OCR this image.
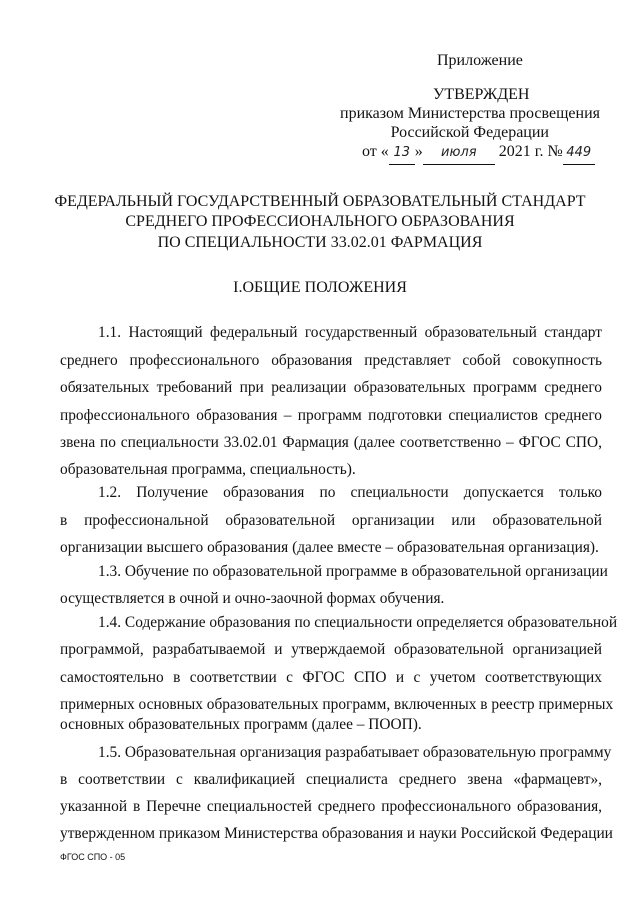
Приложение
УТВЕРЖДЕН
приказом Министерства просвещения
Российской Федерации
от « 13 » июля 2021 г. № 449
ФЕДЕРАЛЬНЫЙ ГОСУДАРСТВЕННЫЙ ОБРАЗОВАТЕЛЬНЫЙ СТАНДАРТ
СРЕДНЕГО ПРОФЕССИОНАЛЬНОГО ОБРАЗОВАНИЯ
ПО СПЕЦИАЛЬНОСТИ 33.02.01 ФАРМАЦИЯ
I.ОБЩИЕ ПОЛОЖЕНИЯ
1.1. Настоящий федеральный государственный образовательный стандарт
среднего профессионального образования представляет собой совокупность
обязательных требований при реализации образовательных программ среднего
профессионального образования – программ подготовки специалистов среднего
звена по специальности 33.02.01 Фармация (далее соответственно – ФГОС СПО,
образовательная программа, специальность).
1.2. Получение образования по специальности допускается только
в профессиональной образовательной организации или образовательной
организации высшего образования (далее вместе – образовательная организация).
1.3. Обучение по образовательной программе в образовательной организации
осуществляется в очной и очно-заочной формах обучения.
1.4. Содержание образования по специальности определяется образовательной
программой, разрабатываемой и утверждаемой образовательной организацией
самостоятельно в соответствии с ФГОС СПО и с учетом соответствующих
примерных основных образовательных программ, включенных в реестр примерных
основных образовательных программ (далее – ПООП).
1.5. Образовательная организация разрабатывает образовательную программу
в соответствии с квалификацией специалиста среднего звена «фармацевт»,
указанной в Перечне специальностей среднего профессионального образования,
утвержденном приказом Министерства образования и науки Российской Федерации
ФГОС СПО - 05
